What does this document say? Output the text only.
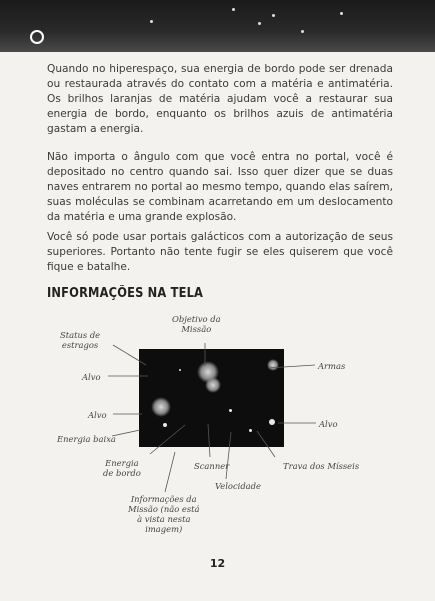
Quando no hiperespaço, sua energia de bordo pode ser drenada ou restaurada através do contato com a matéria e antimatéria. Os brilhos laranjas de matéria ajudam você a restaurar sua energia de bordo, enquanto os brilhos azuis de antimatéria gastam a energia.

Não importa o ângulo com que você entra no portal, você é depositado no centro quando sai. Isso quer dizer que se duas naves entrarem no portal ao mesmo tempo, quando elas saírem, suas moléculas se combinam acarretando em um deslocamento da matéria e uma grande explosão.

Você só pode usar portais galácticos com a autorização de seus superiores. Portanto não tente fugir se eles quiserem que você fique e batalhe.

INFORMAÇÕES NA TELA
Objetivo da
Missão
Status de
estragos
Alvo
Armas
Alvo
Alvo
Energia baixa
Energia
de bordo
Scanner	Trava dos Mísseis
Velocidade
Informações da
Missão (não está
à vista nesta
imagem)
12
